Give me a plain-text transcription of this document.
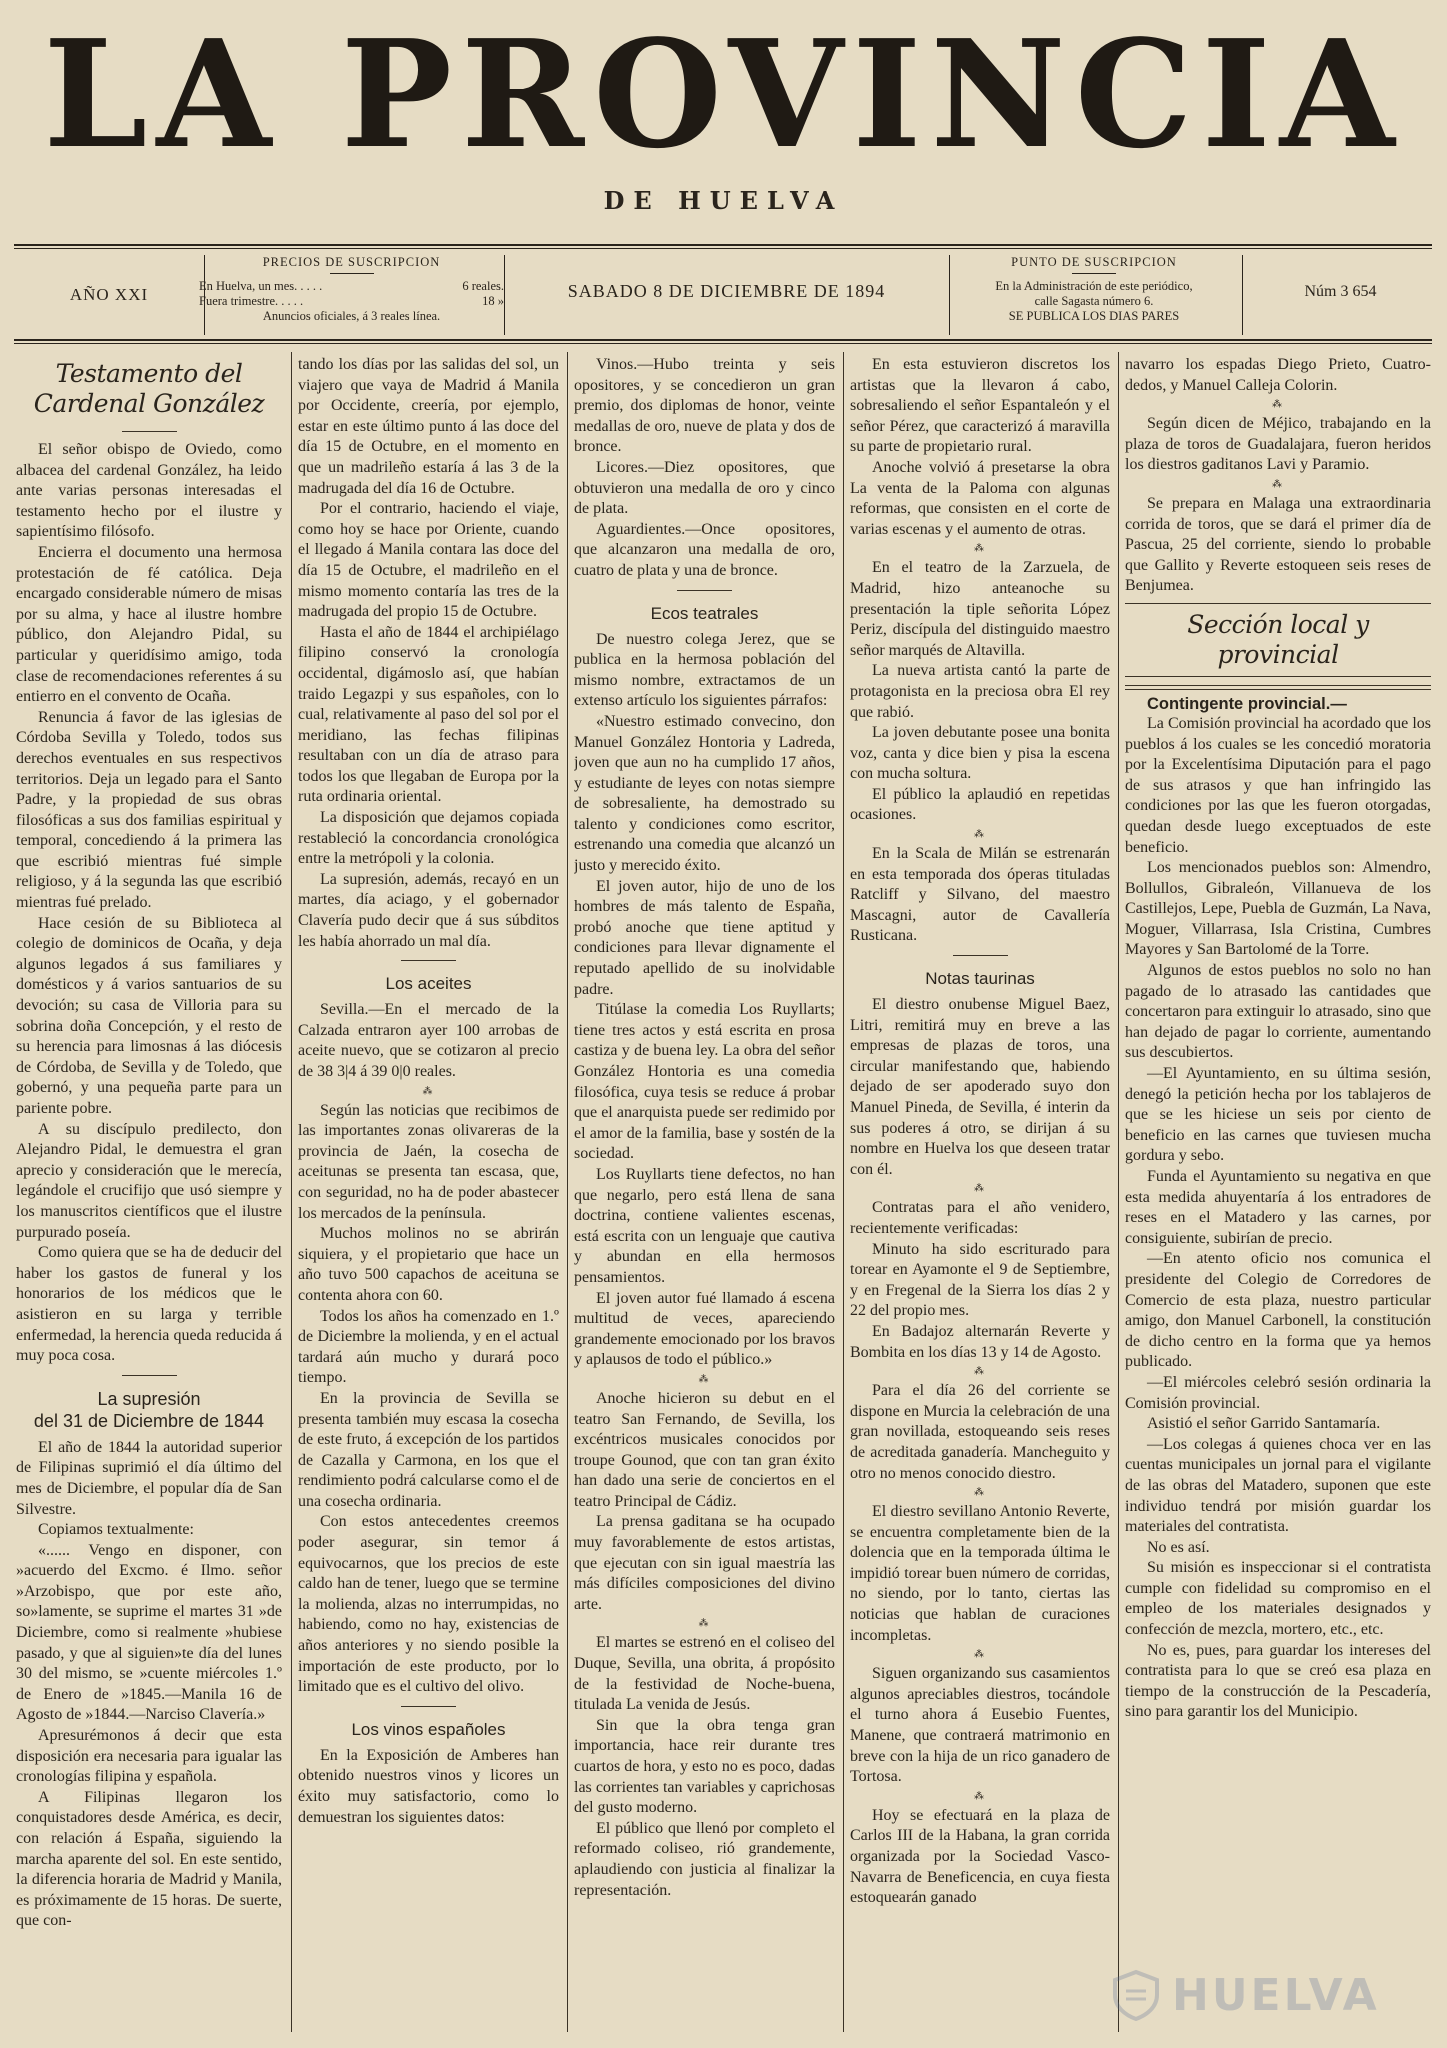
LA PROVINCIA
DE HUELVA
AÑO XXI
PRECIOS DE SUSCRIPCION
En Huelva, un mes. . . . .	6 reales.
Fuera trimestre. . . . .	18 »
Anuncios oficiales, á 3 reales línea.
SABADO 8 DE DICIEMBRE DE 1894
PUNTO DE SUSCRIPCION
En la Administración de este periódico,
calle Sagasta número 6.
SE PUBLICA LOS DIAS PARES
Núm 3 654
Testamento del Cardenal González

El señor obispo de Oviedo, como albacea del cardenal González, ha leido ante varias personas interesadas el testamento hecho por el ilustre y sapientísimo filósofo.

Encierra el documento una hermosa protestación de fé católica. Deja encargado considerable número de misas por su alma, y hace al ilustre hombre público, don Alejandro Pidal, su particular y queridísimo amigo, toda clase de recomendaciones referentes á su entierro en el convento de Ocaña.

Renuncia á favor de las iglesias de Córdoba Sevilla y Toledo, todos sus derechos eventuales en sus respectivos territorios. Deja un legado para el Santo Padre, y la propiedad de sus obras filosóficas a sus dos familias espiritual y temporal, concediendo á la primera las que escribió mientras fué simple religioso, y á la segunda las que escribió mientras fué prelado.

Hace cesión de su Biblioteca al colegio de dominicos de Ocaña, y deja algunos legados á sus familiares y domésticos y á varios santuarios de su devoción; su casa de Villoria para su sobrina doña Concepción, y el resto de su herencia para limosnas á las diócesis de Córdoba, de Sevilla y de Toledo, que gobernó, y una pequeña parte para un pariente pobre.

A su discípulo predilecto, don Alejandro Pidal, le demuestra el gran aprecio y consideración que le merecía, legándole el crucifijo que usó siempre y los manuscritos científicos que el ilustre purpurado poseía.

Como quiera que se ha de deducir del haber los gastos de funeral y los honorarios de los médicos que le asistieron en su larga y terrible enfermedad, la herencia queda reducida á muy poca cosa.

La supresión
del 31 de Diciembre de 1844

El año de 1844 la autoridad superior de Filipinas suprimió el día último del mes de Diciembre, el popular día de San Silvestre.

Copiamos textualmente:

«...... Vengo en disponer, con »acuerdo del Excmo. é Ilmo. señor »Arzobispo, que por este año, so»lamente, se suprime el martes 31 »de Diciembre, como si realmente »hubiese pasado, y que al siguien»te día del lunes 30 del mismo, se »cuente miércoles 1.º de Enero de »1845.—Manila 16 de Agosto de »1844.—Narciso Clavería.»

Apresurémonos á decir que esta disposición era necesaria para igualar las cronologías filipina y española.

A Filipinas llegaron los conquistadores desde América, es decir, con relación á España, siguiendo la marcha aparente del sol. En este sentido, la diferencia horaria de Madrid y Manila, es próximamente de 15 horas. De suerte, que con-

tando los días por las salidas del sol, un viajero que vaya de Madrid á Manila por Occidente, creería, por ejemplo, estar en este último punto á las doce del día 15 de Octubre, en el momento en que un madrileño estaría á las 3 de la madrugada del día 16 de Octubre.

Por el contrario, haciendo el viaje, como hoy se hace por Oriente, cuando el llegado á Manila contara las doce del día 15 de Octubre, el madrileño en el mismo momento contaría las tres de la madrugada del propio 15 de Octubre.

Hasta el año de 1844 el archipiélago filipino conservó la cronología occidental, digámoslo así, que habían traido Legazpi y sus españoles, con lo cual, relativamente al paso del sol por el meridiano, las fechas filipinas resultaban con un día de atraso para todos los que llegaban de Europa por la ruta ordinaria oriental.

La disposición que dejamos copiada restableció la concordancia cronológica entre la metrópoli y la colonia.

La supresión, además, recayó en un martes, día aciago, y el gobernador Clavería pudo decir que á sus súbditos les había ahorrado un mal día.

Los aceites

Sevilla.—En el mercado de la Calzada entraron ayer 100 arrobas de aceite nuevo, que se cotizaron al precio de 38 3|4 á 39 0|0 reales.

⁂

Según las noticias que recibimos de las importantes zonas olivareras de la provincia de Jaén, la cosecha de aceitunas se presenta tan escasa, que, con seguridad, no ha de poder abastecer los mercados de la península.

Muchos molinos no se abrirán siquiera, y el propietario que hace un año tuvo 500 capachos de aceituna se contenta ahora con 60.

Todos los años ha comenzado en 1.º de Diciembre la molienda, y en el actual tardará aún mucho y durará poco tiempo.

En la provincia de Sevilla se presenta también muy escasa la cosecha de este fruto, á excepción de los partidos de Cazalla y Carmona, en los que el rendimiento podrá calcularse como el de una cosecha ordinaria.

Con estos antecedentes creemos poder asegurar, sin temor á equivocarnos, que los precios de este caldo han de tener, luego que se termine la molienda, alzas no interrumpidas, no habiendo, como no hay, existencias de años anteriores y no siendo posible la importación de este producto, por lo limitado que es el cultivo del olivo.

Los vinos españoles

En la Exposición de Amberes han obtenido nuestros vinos y licores un éxito muy satisfactorio, como lo demuestran los siguientes datos:

Vinos.—Hubo treinta y seis opositores, y se concedieron un gran premio, dos diplomas de honor, veinte medallas de oro, nueve de plata y dos de bronce.

Licores.—Diez opositores, que obtuvieron una medalla de oro y cinco de plata.

Aguardientes.—Once opositores, que alcanzaron una medalla de oro, cuatro de plata y una de bronce.

Ecos teatrales

De nuestro colega Jerez, que se publica en la hermosa población del mismo nombre, extractamos de un extenso artículo los siguientes párrafos:

«Nuestro estimado convecino, don Manuel González Hontoria y Ladreda, joven que aun no ha cumplido 17 años, y estudiante de leyes con notas siempre de sobresaliente, ha demostrado su talento y condiciones como escritor, estrenando una comedia que alcanzó un justo y merecido éxito.

El joven autor, hijo de uno de los hombres de más talento de España, probó anoche que tiene aptitud y condiciones para llevar dignamente el reputado apellido de su inolvidable padre.

Titúlase la comedia Los Ruyllarts; tiene tres actos y está escrita en prosa castiza y de buena ley. La obra del señor González Hontoria es una comedia filosófica, cuya tesis se reduce á probar que el anarquista puede ser redimido por el amor de la familia, base y sostén de la sociedad.

Los Ruyllarts tiene defectos, no han que negarlo, pero está llena de sana doctrina, contiene valientes escenas, está escrita con un lenguaje que cautiva y abundan en ella hermosos pensamientos.

El joven autor fué llamado á escena multitud de veces, apareciendo grandemente emocionado por los bravos y aplausos de todo el público.»

⁂

Anoche hicieron su debut en el teatro San Fernando, de Sevilla, los excéntricos musicales conocidos por troupe Gounod, que con tan gran éxito han dado una serie de conciertos en el teatro Principal de Cádiz.

La prensa gaditana se ha ocupado muy favorablemente de estos artistas, que ejecutan con sin igual maestría las más difíciles composiciones del divino arte.

⁂

El martes se estrenó en el coliseo del Duque, Sevilla, una obrita, á propósito de la festividad de Noche-buena, titulada La venida de Jesús.

Sin que la obra tenga gran importancia, hace reir durante tres cuartos de hora, y esto no es poco, dadas las corrientes tan variables y caprichosas del gusto moderno.

El público que llenó por completo el reformado coliseo, rió grandemente, aplaudiendo con justicia al finalizar la representación.

En esta estuvieron discretos los artistas que la llevaron á cabo, sobresaliendo el señor Espantaleón y el señor Pérez, que caracterizó á maravilla su parte de propietario rural.

Anoche volvió á presetarse la obra La venta de la Paloma con algunas reformas, que consisten en el corte de varias escenas y el aumento de otras.

⁂

En el teatro de la Zarzuela, de Madrid, hizo anteanoche su presentación la tiple señorita López Periz, discípula del distinguido maestro señor marqués de Altavilla.

La nueva artista cantó la parte de protagonista en la preciosa obra El rey que rabió.

La joven debutante posee una bonita voz, canta y dice bien y pisa la escena con mucha soltura.

El público la aplaudió en repetidas ocasiones.

⁂

En la Scala de Milán se estrenarán en esta temporada dos óperas tituladas Ratcliff y Silvano, del maestro Mascagni, autor de Cavallería Rusticana.

Notas taurinas

El diestro onubense Miguel Baez, Litri, remitirá muy en breve a las empresas de plazas de toros, una circular manifestando que, habiendo dejado de ser apoderado suyo don Manuel Pineda, de Sevilla, é interin da sus poderes á otro, se dirijan á su nombre en Huelva los que deseen tratar con él.

⁂

Contratas para el año venidero, recientemente verificadas:

Minuto ha sido escriturado para torear en Ayamonte el 9 de Septiembre, y en Fregenal de la Sierra los días 2 y 22 del propio mes.

En Badajoz alternarán Reverte y Bombita en los días 13 y 14 de Agosto.

⁂

Para el día 26 del corriente se dispone en Murcia la celebración de una gran novillada, estoqueando seis reses de acreditada ganadería. Mancheguito y otro no menos conocido diestro.

⁂

El diestro sevillano Antonio Reverte, se encuentra completamente bien de la dolencia que en la temporada última le impidió torear buen número de corridas, no siendo, por lo tanto, ciertas las noticias que hablan de curaciones incompletas.

⁂

Siguen organizando sus casamientos algunos apreciables diestros, tocándole el turno ahora á Eusebio Fuentes, Manene, que contraerá matrimonio en breve con la hija de un rico ganadero de Tortosa.

⁂

Hoy se efectuará en la plaza de Carlos III de la Habana, la gran corrida organizada por la Sociedad Vasco-Navarra de Beneficencia, en cuya fiesta estoquearán ganado

navarro los espadas Diego Prieto, Cuatro-dedos, y Manuel Calleja Colorin.

⁂

Según dicen de Méjico, trabajando en la plaza de toros de Guadalajara, fueron heridos los diestros gaditanos Lavi y Paramio.

⁂

Se prepara en Malaga una extraordinaria corrida de toros, que se dará el primer día de Pascua, 25 del corriente, siendo lo probable que Gallito y Reverte estoqueen seis reses de Benjumea.

Sección local y provincial

Contingente provincial.—

La Comisión provincial ha acordado que los pueblos á los cuales se les concedió moratoria por la Excelentísima Diputación para el pago de sus atrasos y que han infringido las condiciones por las que les fueron otorgadas, quedan desde luego exceptuados de este beneficio.

Los mencionados pueblos son: Almendro, Bollullos, Gibraleón, Villanueva de los Castillejos, Lepe, Puebla de Guzmán, La Nava, Moguer, Villarrasa, Isla Cristina, Cumbres Mayores y San Bartolomé de la Torre.

Algunos de estos pueblos no solo no han pagado de lo atrasado las cantidades que concertaron para extinguir lo atrasado, sino que han dejado de pagar lo corriente, aumentando sus descubiertos.

—El Ayuntamiento, en su última sesión, denegó la petición hecha por los tablajeros de que se les hiciese un seis por ciento de beneficio en las carnes que tuviesen mucha gordura y sebo.

Funda el Ayuntamiento su negativa en que esta medida ahuyentaría á los entradores de reses en el Matadero y las carnes, por consiguiente, subirían de precio.

—En atento oficio nos comunica el presidente del Colegio de Corredores de Comercio de esta plaza, nuestro particular amigo, don Manuel Carbonell, la constitución de dicho centro en la forma que ya hemos publicado.

—El miércoles celebró sesión ordinaria la Comisión provincial.

Asistió el señor Garrido Santamaría.

—Los colegas á quienes choca ver en las cuentas municipales un jornal para el vigilante de las obras del Matadero, suponen que este individuo tendrá por misión guardar los materiales del contratista.

No es así.

Su misión es inspeccionar si el contratista cumple con fidelidad su compromiso en el empleo de los materiales designados y confección de mezcla, mortero, etc., etc.

No es, pues, para guardar los intereses del contratista para lo que se creó esa plaza en tiempo de la construcción de la Pescadería, sino para garantir los del Municipio.

HUELVA
